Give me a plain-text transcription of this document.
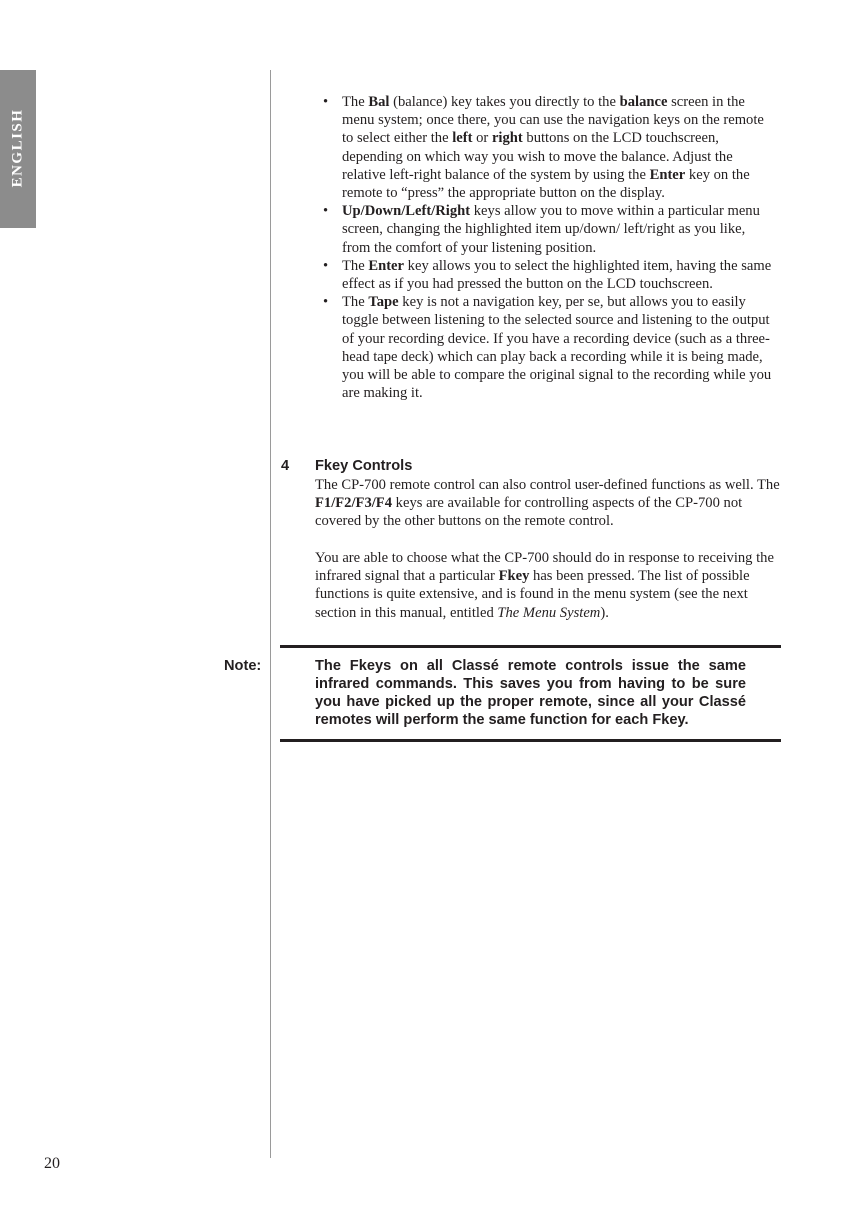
ENGLISH
• The Bal (balance) key takes you directly to the balance screen in the menu system; once there, you can use the navigation keys on the remote to select either the left or right buttons on the LCD touchscreen, depending on which way you wish to move the balance. Adjust the relative left-right balance of the system by using the Enter key on the remote to “press” the appropriate button on the display.
• Up/Down/Left/Right keys allow you to move within a particular menu screen, changing the highlighted item up/down/ left/right as you like, from the comfort of your listening position.
• The Enter key allows you to select the highlighted item, having the same effect as if you had pressed the button on the LCD touchscreen.
• The Tape key is not a navigation key, per se, but allows you to easily toggle between listening to the selected source and listening to the output of your recording device. If you have a recording device (such as a three-head tape deck) which can play back a recording while it is being made, you will be able to compare the original signal to the recording while you are making it.
4 Fkey Controls

The CP-700 remote control can also control user-defined functions as well. The F1/F2/F3/F4 keys are available for controlling aspects of the CP-700 not covered by the other buttons on the remote control.

You are able to choose what the CP-700 should do in response to receiving the infrared signal that a particular Fkey has been pressed. The list of possible functions is quite extensive, and is found in the menu system (see the next section in this manual, entitled The Menu System).

Note:	The Fkeys on all Classé remote controls issue the same infrared commands. This saves you from having to be sure you have picked up the proper remote, since all your Classé remotes will perform the same function for each Fkey.

20
